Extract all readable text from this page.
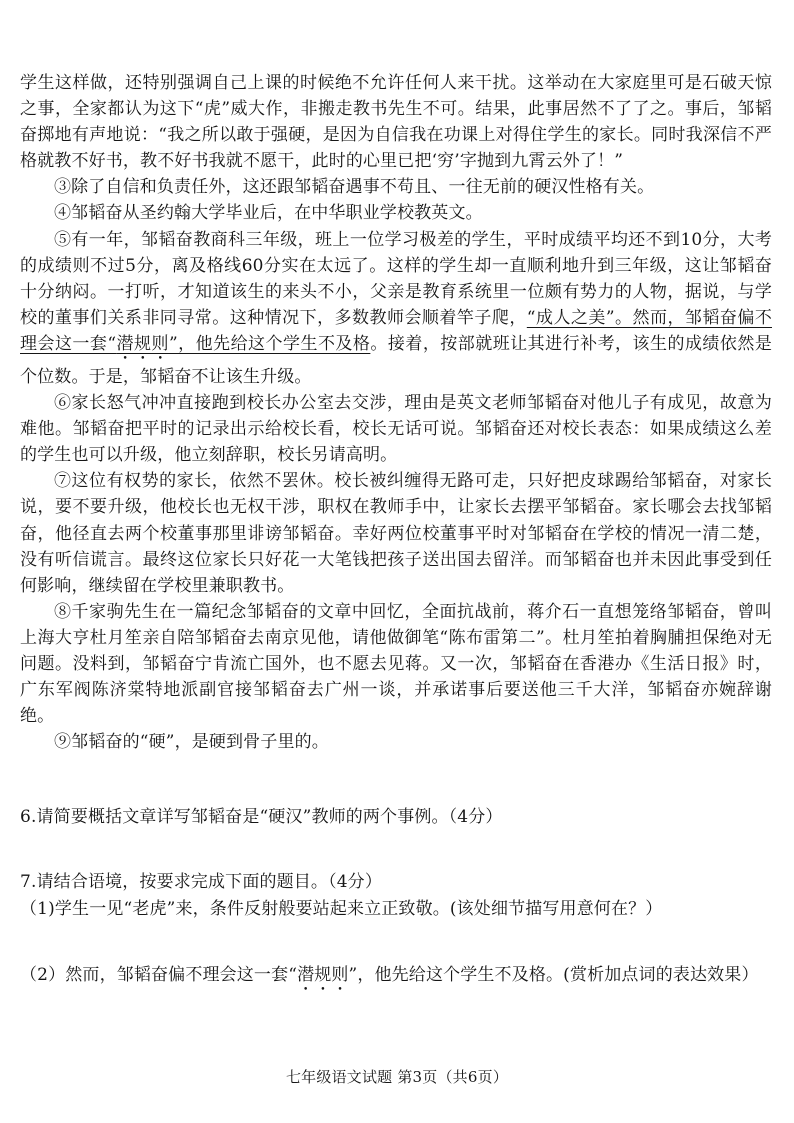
学生这样做，还特别强调自己上课的时候绝不允许任何人来干扰。这举动在大家庭里可是石破天惊之事，全家都认为这下“虎”威大作，非搬走教书先生不可。结果，此事居然不了了之。事后，邹韬奋掷地有声地说：“我之所以敢于强硬，是因为自信我在功课上对得住学生的家长。同时我深信不严格就教不好书，教不好书我就不愿干，此时的心里已把‘穷’字抛到九霄云外了！”

③除了自信和负责任外，这还跟邹韬奋遇事不苟且、一往无前的硬汉性格有关。

④邹韬奋从圣约翰大学毕业后，在中华职业学校教英文。

⑤有一年，邹韬奋教商科三年级，班上一位学习极差的学生，平时成绩平均还不到10分，大考的成绩则不过5分，离及格线60分实在太远了。这样的学生却一直顺利地升到三年级，这让邹韬奋十分纳闷。一打听，才知道该生的来头不小，父亲是教育系统里一位颇有势力的人物，据说，与学校的董事们关系非同寻常。这种情况下，多数教师会顺着竿子爬，“成人之美”。然而，邹韬奋偏不理会这一套“潜规则”，他先给这个学生不及格。接着，按部就班让其进行补考，该生的成绩依然是个位数。于是，邹韬奋不让该生升级。

⑥家长怒气冲冲直接跑到校长办公室去交涉，理由是英文老师邹韬奋对他儿子有成见，故意为难他。邹韬奋把平时的记录出示给校长看，校长无话可说。邹韬奋还对校长表态：如果成绩这么差的学生也可以升级，他立刻辞职，校长另请高明。

⑦这位有权势的家长，依然不罢休。校长被纠缠得无路可走，只好把皮球踢给邹韬奋，对家长说，要不要升级，他校长也无权干涉，职权在教师手中，让家长去摆平邹韬奋。家长哪会去找邹韬奋，他径直去两个校董事那里诽谤邹韬奋。幸好两位校董事平时对邹韬奋在学校的情况一清二楚，没有听信谎言。最终这位家长只好花一大笔钱把孩子送出国去留洋。而邹韬奋也并未因此事受到任何影响，继续留在学校里兼职教书。

⑧千家驹先生在一篇纪念邹韬奋的文章中回忆，全面抗战前，蒋介石一直想笼络邹韬奋，曾叫上海大亨杜月笙亲自陪邹韬奋去南京见他，请他做御笔“陈布雷第二”。杜月笙拍着胸脯担保绝对无问题。没料到，邹韬奋宁肯流亡国外，也不愿去见蒋。又一次，邹韬奋在香港办《生活日报》时，广东军阀陈济棠特地派副官接邹韬奋去广州一谈，并承诺事后要送他三千大洋，邹韬奋亦婉辞谢绝。

⑨邹韬奋的“硬”，是硬到骨子里的。

6.请简要概括文章详写邹韬奋是“硬汉”教师的两个事例。（4分）

7.请结合语境，按要求完成下面的题目。（4分）

（1)学生一见“老虎”来，条件反射般要站起来立正致敬。(该处细节描写用意何在？）

（2）然而，邹韬奋偏不理会这一套“潜规则”，他先给这个学生不及格。(赏析加点词的表达效果）

七年级语文试题 第3页（共6页）
